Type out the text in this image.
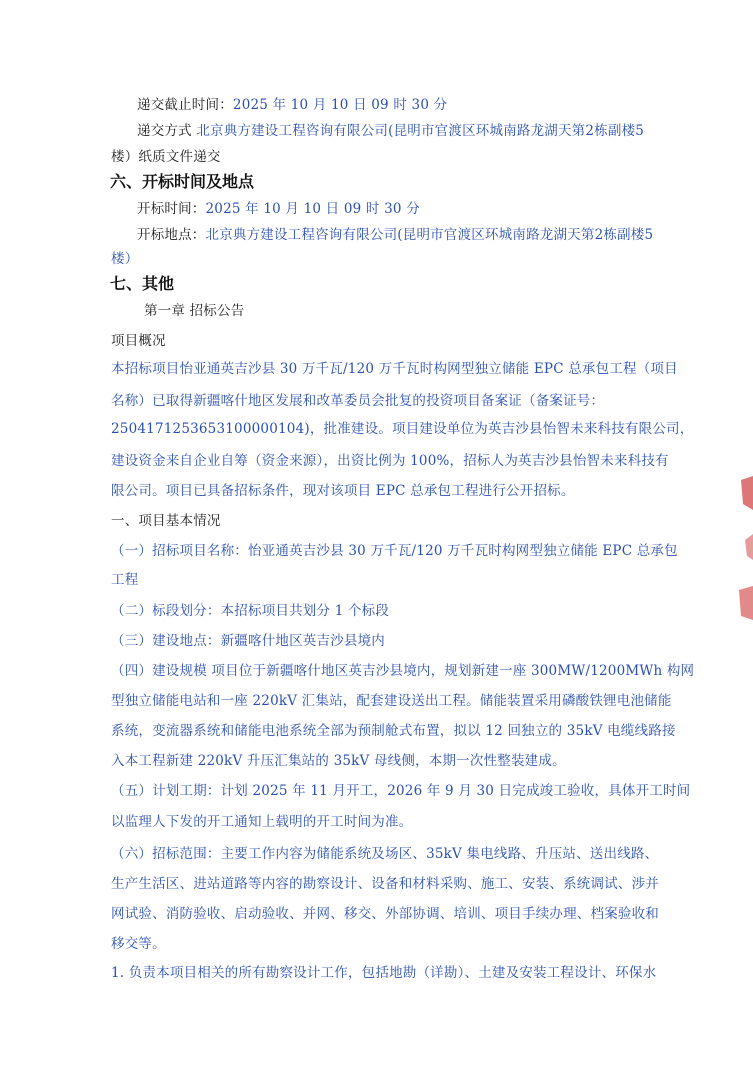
递交截止时间：2025 年 10 月 10 日 09 时 30 分
递交方式 北京典方建设工程咨询有限公司(昆明市官渡区环城南路龙湖天第2栋副楼5
楼）纸质文件递交
六、开标时间及地点
开标时间：2025 年 10 月 10 日 09 时 30 分
开标地点：北京典方建设工程咨询有限公司(昆明市官渡区环城南路龙湖天第2栋副楼5
楼）
七、其他
第一章 招标公告
项目概况
本招标项目怡亚通英吉沙县 30 万千瓦/120 万千瓦时构网型独立储能 EPC 总承包工程（项目
名称）已取得新疆喀什地区发展和改革委员会批复的投资项目备案证（备案证号：
2504171253653100000104)，批准建设。项目建设单位为英吉沙县怡智未来科技有限公司，
建设资金来自企业自筹（资金来源），出资比例为 100%，招标人为英吉沙县怡智未来科技有
限公司。项目已具备招标条件，现对该项目 EPC 总承包工程进行公开招标。
一、项目基本情况
（一）招标项目名称：怡亚通英吉沙县 30 万千瓦/120 万千瓦时构网型独立储能 EPC 总承包
工程
（二）标段划分：本招标项目共划分 1 个标段
（三）建设地点：新疆喀什地区英吉沙县境内
（四）建设规模 项目位于新疆喀什地区英吉沙县境内，规划新建一座 300MW/1200MWh 构网
型独立储能电站和一座 220kV 汇集站，配套建设送出工程。储能装置采用磷酸铁锂电池储能
系统，变流器系统和储能电池系统全部为预制舱式布置，拟以 12 回独立的 35kV 电缆线路接
入本工程新建 220kV 升压汇集站的 35kV 母线侧，本期一次性整装建成。
（五）计划工期：计划 2025 年 11 月开工，2026 年 9 月 30 日完成竣工验收，具体开工时间
以监理人下发的开工通知上载明的开工时间为准。
（六）招标范围：主要工作内容为储能系统及场区、35kV 集电线路、升压站、送出线路、
生产生活区、进站道路等内容的勘察设计、设备和材料采购、施工、安装、系统调试、涉并
网试验、消防验收、启动验收、并网、移交、外部协调、培训、项目手续办理、档案验收和
移交等。
1. 负责本项目相关的所有勘察设计工作，包括地勘（详勘）、土建及安装工程设计、环保水
